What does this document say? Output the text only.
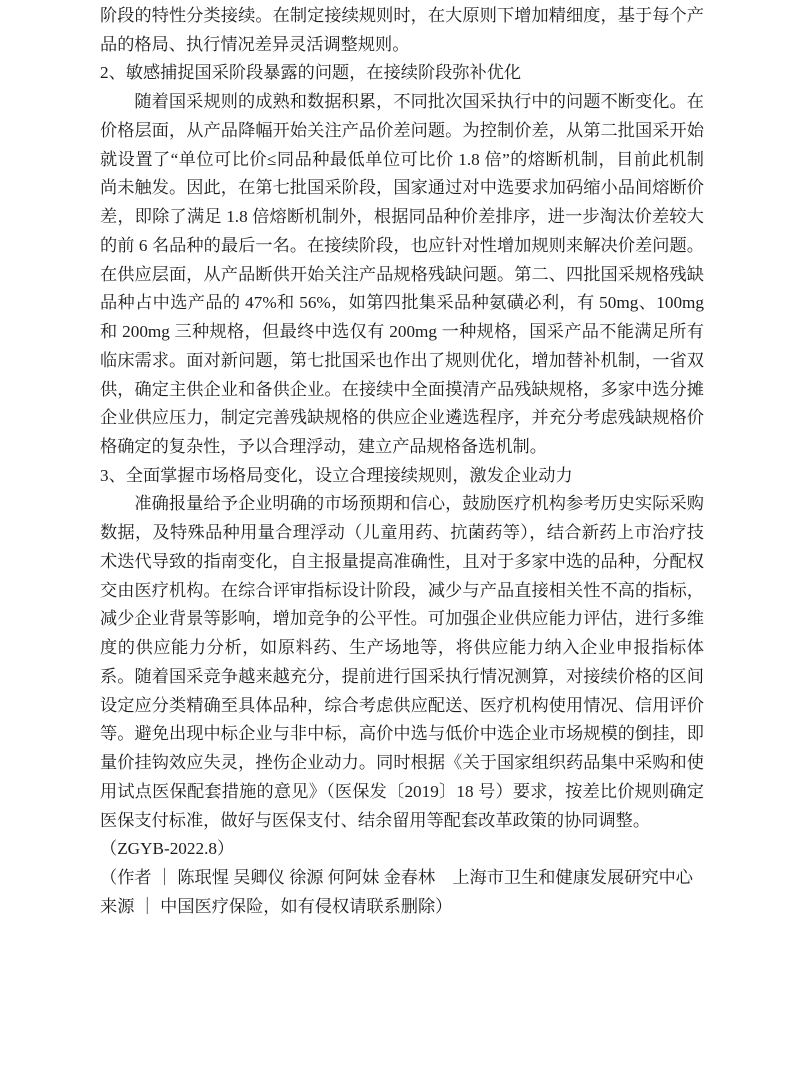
阶段的特性分类接续。在制定接续规则时，在大原则下增加精细度，基于每个产品的格局、执行情况差异灵活调整规则。

2、敏感捕捉国采阶段暴露的问题，在接续阶段弥补优化

随着国采规则的成熟和数据积累，不同批次国采执行中的问题不断变化。在价格层面，从产品降幅开始关注产品价差问题。为控制价差，从第二批国采开始就设置了“单位可比价≤同品种最低单位可比价 1.8 倍”的熔断机制，目前此机制尚未触发。因此，在第七批国采阶段，国家通过对中选要求加码缩小品间熔断价差，即除了满足 1.8 倍熔断机制外，根据同品种价差排序，进一步淘汰价差较大的前 6 名品种的最后一名。在接续阶段，也应针对性增加规则来解决价差问题。在供应层面，从产品断供开始关注产品规格残缺问题。第二、四批国采规格残缺品种占中选产品的 47%和 56%，如第四批集采品种氨磺必利，有 50mg、100mg 和 200mg 三种规格，但最终中选仅有 200mg 一种规格，国采产品不能满足所有临床需求。面对新问题，第七批国采也作出了规则优化，增加替补机制，一省双供，确定主供企业和备供企业。在接续中全面摸清产品残缺规格，多家中选分摊企业供应压力，制定完善残缺规格的供应企业遴选程序，并充分考虑残缺规格价格确定的复杂性，予以合理浮动，建立产品规格备选机制。

3、全面掌握市场格局变化，设立合理接续规则，激发企业动力

准确报量给予企业明确的市场预期和信心，鼓励医疗机构参考历史实际采购数据，及特殊品种用量合理浮动（儿童用药、抗菌药等），结合新药上市治疗技术迭代导致的指南变化，自主报量提高准确性，且对于多家中选的品种，分配权交由医疗机构。在综合评审指标设计阶段，减少与产品直接相关性不高的指标，减少企业背景等影响，增加竞争的公平性。可加强企业供应能力评估，进行多维度的供应能力分析，如原料药、生产场地等，将供应能力纳入企业申报指标体系。随着国采竞争越来越充分，提前进行国采执行情况测算，对接续价格的区间设定应分类精确至具体品种，综合考虑供应配送、医疗机构使用情况、信用评价等。避免出现中标企业与非中标，高价中选与低价中选企业市场规模的倒挂，即量价挂钩效应失灵，挫伤企业动力。同时根据《关于国家组织药品集中采购和使用试点医保配套措施的意见》（医保发〔2019〕18 号）要求，按差比价规则确定医保支付标准，做好与医保支付、结余留用等配套改革政策的协同调整。

（ZGYB-2022.8）

（作者 ｜ 陈珉惺 吴卿仪 徐源 何阿妹 金春林　上海市卫生和健康发展研究中心

来源 ｜ 中国医疗保险，如有侵权请联系删除）
